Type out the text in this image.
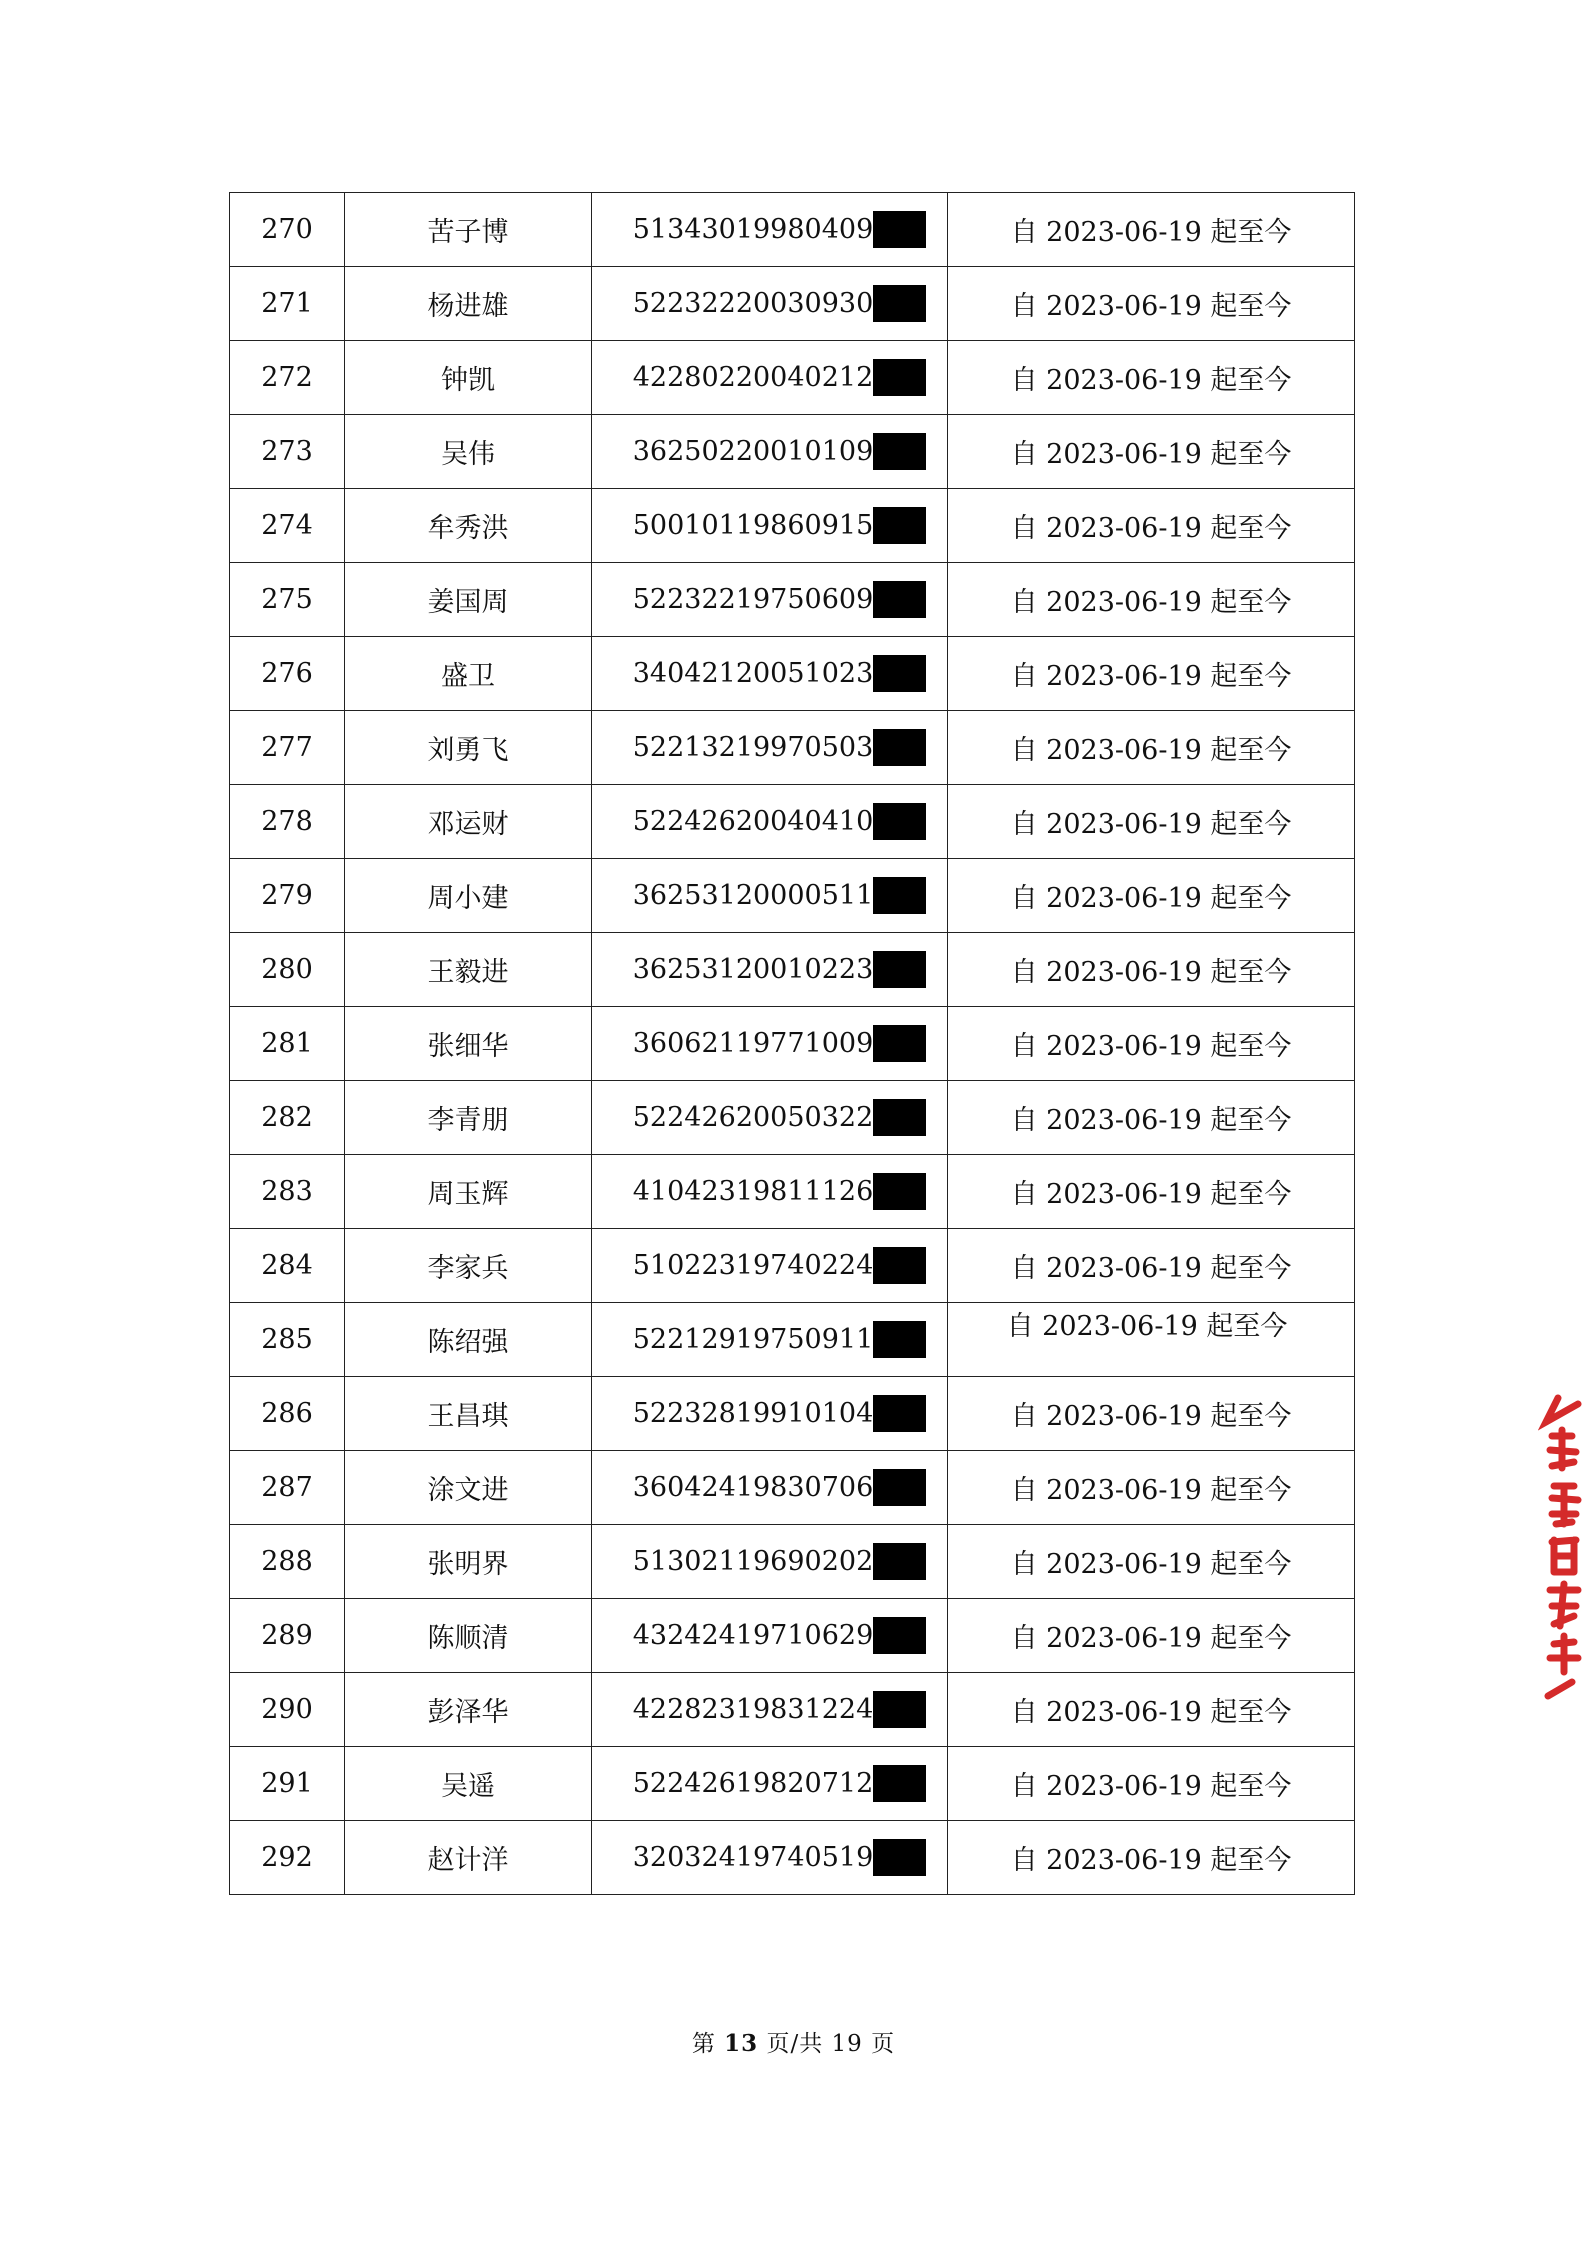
270	苦子博	51343019980409	自 2023-06-19 起至今
271	杨进雄	52232220030930	自 2023-06-19 起至今
272	钟凯	42280220040212	自 2023-06-19 起至今
273	吴伟	36250220010109	自 2023-06-19 起至今
274	牟秀洪	50010119860915	自 2023-06-19 起至今
275	姜国周	52232219750609	自 2023-06-19 起至今
276	盛卫	34042120051023	自 2023-06-19 起至今
277	刘勇飞	52213219970503	自 2023-06-19 起至今
278	邓运财	52242620040410	自 2023-06-19 起至今
279	周小建	36253120000511	自 2023-06-19 起至今
280	王毅进	36253120010223	自 2023-06-19 起至今
281	张细华	36062119771009	自 2023-06-19 起至今
282	李青朋	52242620050322	自 2023-06-19 起至今
283	周玉辉	41042319811126	自 2023-06-19 起至今
284	李家兵	51022319740224	自 2023-06-19 起至今
285	陈绍强	52212919750911	自 2023-06-19 起至今
286	王昌琪	52232819910104	自 2023-06-19 起至今
287	涂文进	36042419830706	自 2023-06-19 起至今
288	张明界	51302119690202	自 2023-06-19 起至今
289	陈顺清	43242419710629	自 2023-06-19 起至今
290	彭泽华	42282319831224	自 2023-06-19 起至今
291	吴遥	52242619820712	自 2023-06-19 起至今
292	赵计洋	32032419740519	自 2023-06-19 起至今
第 13 页/共 19 页
